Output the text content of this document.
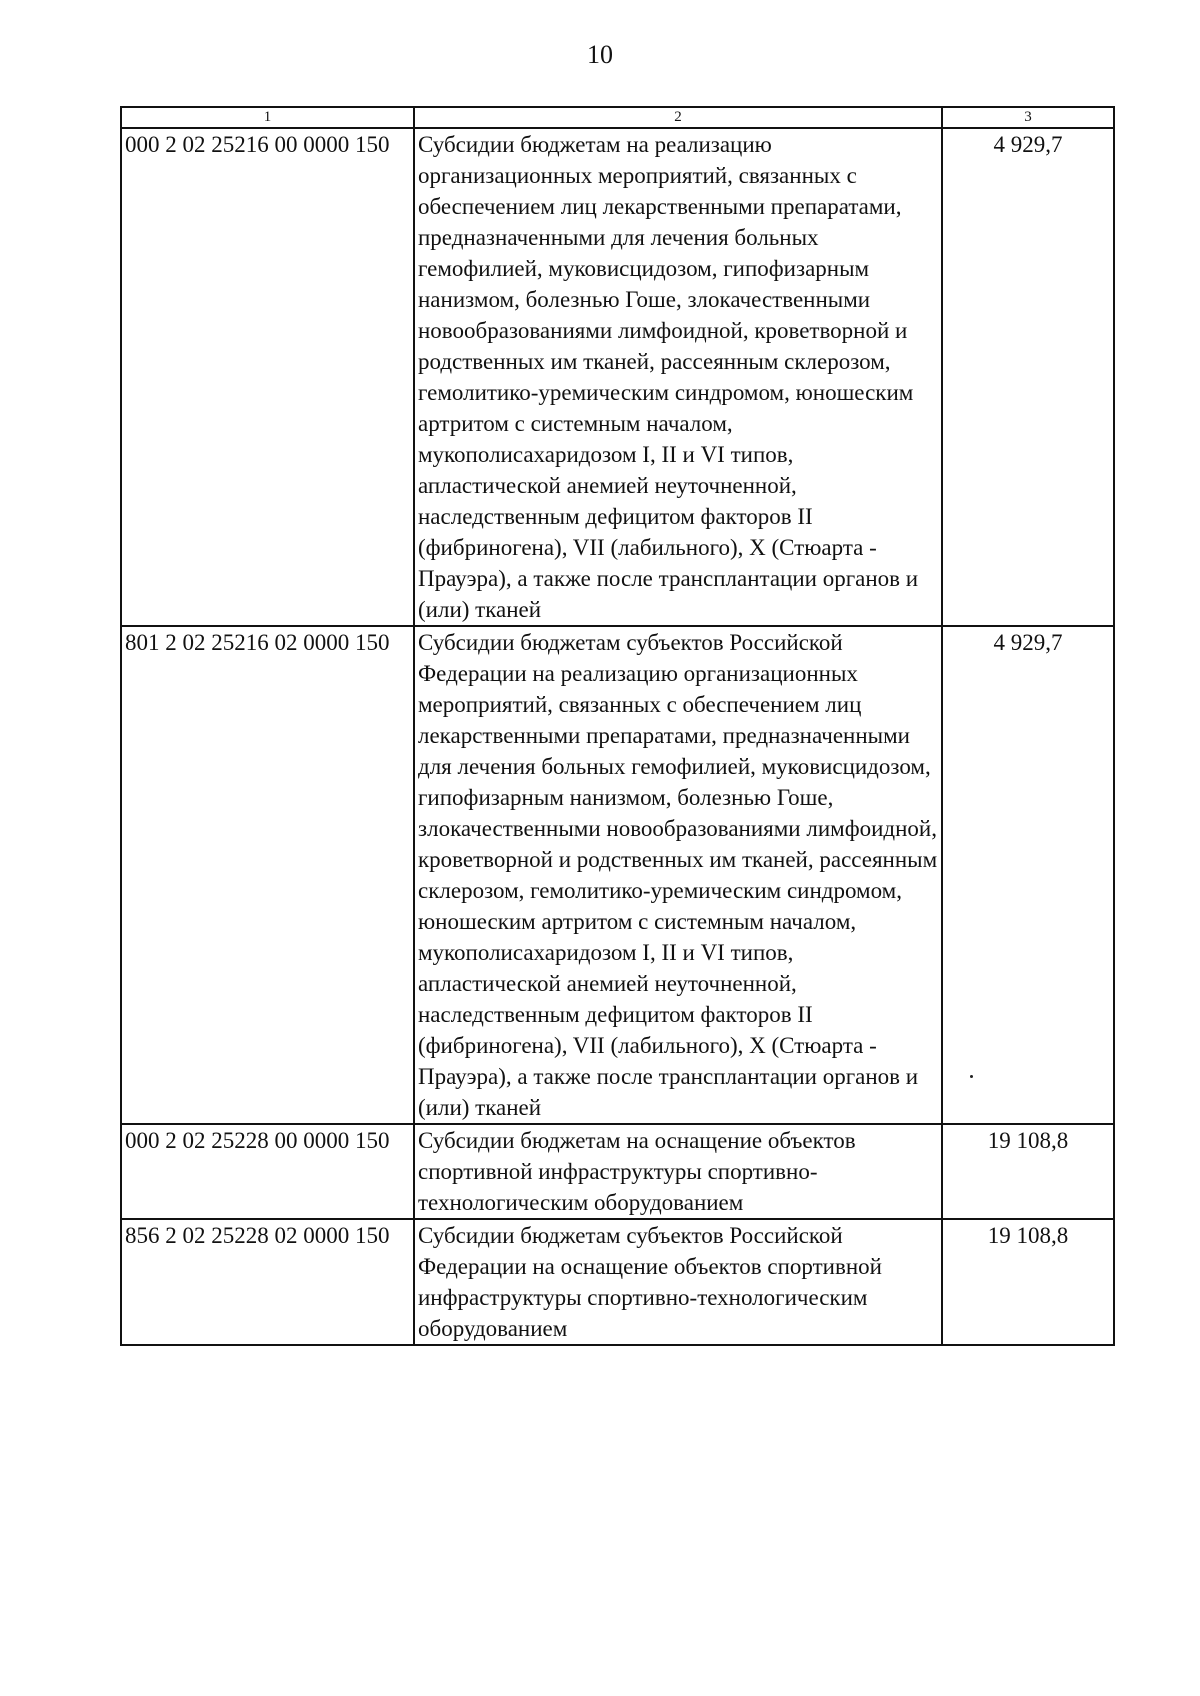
10
1	2	3
000 2 02 25216 00 0000 150	Субсидии бюджетам на реализацию организационных мероприятий, связанных с обеспечением лиц лекарственными препаратами, предназначенными для лечения больных гемофилией, муковисцидозом, гипофизарным нанизмом, болезнью Гоше, злокачественными новообразованиями лимфоидной, кроветворной и родственных им тканей, рассеянным склерозом, гемолитико-уремическим синдромом, юношеским артритом с системным началом, мукополисахаридозом I, II и VI типов, апластической анемией неуточненной, наследственным дефицитом факторов II (фибриногена), VII (лабильного), X (Стюарта - Прауэра), а также после трансплантации органов и (или) тканей	4 929,7
801 2 02 25216 02 0000 150	Субсидии бюджетам субъектов Российской Федерации на реализацию организационных мероприятий, связанных с обеспечением лиц лекарственными препаратами, предназначенными для лечения больных гемофилией, муковисцидозом, гипофизарным нанизмом, болезнью Гоше, злокачественными новообразованиями лимфоидной, кроветворной и родственных им тканей, рассеянным склерозом, гемолитико-уремическим синдромом, юношеским артритом с системным началом, мукополисахаридозом I, II и VI типов, апластической анемией неуточненной, наследственным дефицитом факторов II (фибриногена), VII (лабильного), X (Стюарта - Прауэра), а также после трансплантации органов и (или) тканей	4 929,7
000 2 02 25228 00 0000 150	Субсидии бюджетам на оснащение объектов спортивной инфраструктуры спортивно-технологическим оборудованием	19 108,8
856 2 02 25228 02 0000 150	Субсидии бюджетам субъектов Российской Федерации на оснащение объектов спортивной инфраструктуры спортивно-технологическим оборудованием	19 108,8
